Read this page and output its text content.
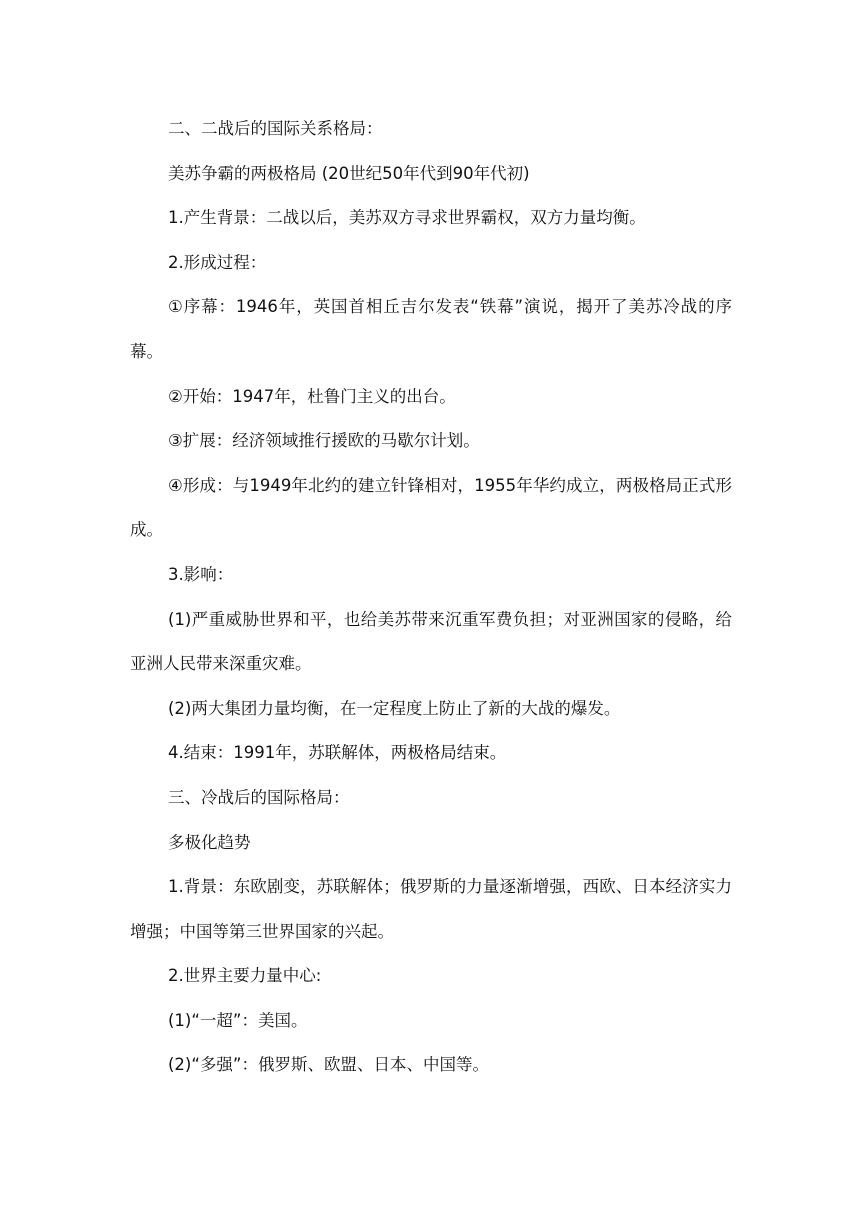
二、二战后的国际关系格局：

美苏争霸的两极格局 (20世纪50年代到90年代初)

1.产生背景：二战以后，美苏双方寻求世界霸权，双方力量均衡。

2.形成过程：

①序幕：1946年，英国首相丘吉尔发表“铁幕”演说，揭开了美苏冷战的序幕。

②开始：1947年，杜鲁门主义的出台。

③扩展：经济领域推行援欧的马歇尔计划。

④形成：与1949年北约的建立针锋相对，1955年华约成立，两极格局正式形成。

3.影响：

(1)严重威胁世界和平，也给美苏带来沉重军费负担；对亚洲国家的侵略，给亚洲人民带来深重灾难。

(2)两大集团力量均衡，在一定程度上防止了新的大战的爆发。

4.结束：1991年，苏联解体，两极格局结束。

三、冷战后的国际格局：

多极化趋势

1.背景：东欧剧变，苏联解体；俄罗斯的力量逐渐增强，西欧、日本经济实力增强；中国等第三世界国家的兴起。

2.世界主要力量中心:

(1)“一超”：美国。

(2)“多强”：俄罗斯、欧盟、日本、中国等。
